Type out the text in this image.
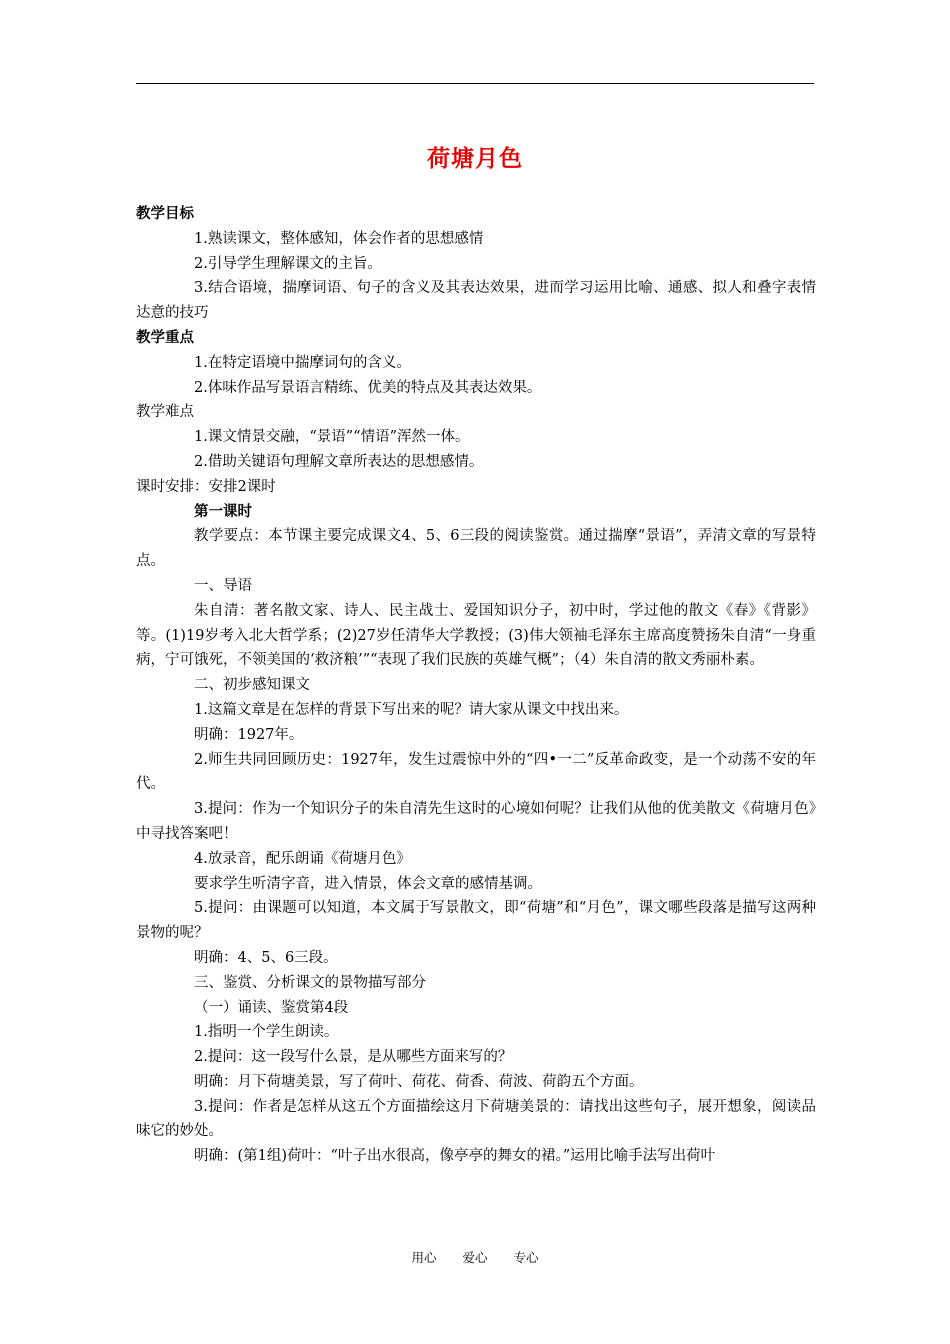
荷塘月色

教学目标

1.熟读课文，整体感知，体会作者的思想感情

2.引导学生理解课文的主旨。

3.结合语境，揣摩词语、句子的含义及其表达效果，进而学习运用比喻、通感、拟人和叠字表情达意的技巧

教学重点

1.在特定语境中揣摩词句的含义。

2.体味作品写景语言精练、优美的特点及其表达效果。

教学难点

1.课文情景交融，“景语”“情语”浑然一体。

2.借助关键语句理解文章所表达的思想感情。

课时安排：安排2课时

第一课时

教学要点：本节课主要完成课文4、5、6三段的阅读鉴赏。通过揣摩“景语”，弄清文章的写景特点。

一、导语

朱自清：著名散文家、诗人、民主战士、爱国知识分子，初中时，学过他的散文《春》《背影》等。(1)19岁考入北大哲学系；(2)27岁任清华大学教授；(3)伟大领袖毛泽东主席高度赞扬朱自清“一身重病，宁可饿死，不领美国的‘救济粮’”“表现了我们民族的英雄气概”；（4）朱自清的散文秀丽朴素。

二、初步感知课文

1.这篇文章是在怎样的背景下写出来的呢？请大家从课文中找出来。

明确：1927年。

2.师生共同回顾历史：1927年，发生过震惊中外的“四•一二”反革命政变，是一个动荡不安的年代。

3.提问：作为一个知识分子的朱自清先生这时的心境如何呢？让我们从他的优美散文《荷塘月色》中寻找答案吧！

4.放录音，配乐朗诵《荷塘月色》

要求学生听清字音，进入情景，体会文章的感情基调。

5.提问：由课题可以知道，本文属于写景散文，即“荷塘”和“月色”，课文哪些段落是描写这两种景物的呢？

明确：4、5、6三段。

三、鉴赏、分析课文的景物描写部分

（一）诵读、鉴赏第4段

1.指明一个学生朗读。

2.提问：这一段写什么景，是从哪些方面来写的？

明确：月下荷塘美景，写了荷叶、荷花、荷香、荷波、荷韵五个方面。

3.提问：作者是怎样从这五个方面描绘这月下荷塘美景的：请找出这些句子，展开想象，阅读品味它的妙处。

明确：(第1组)荷叶：“叶子出水很高，像亭亭的舞女的裙。”运用比喻手法写出荷叶

用心 爱心 专心
